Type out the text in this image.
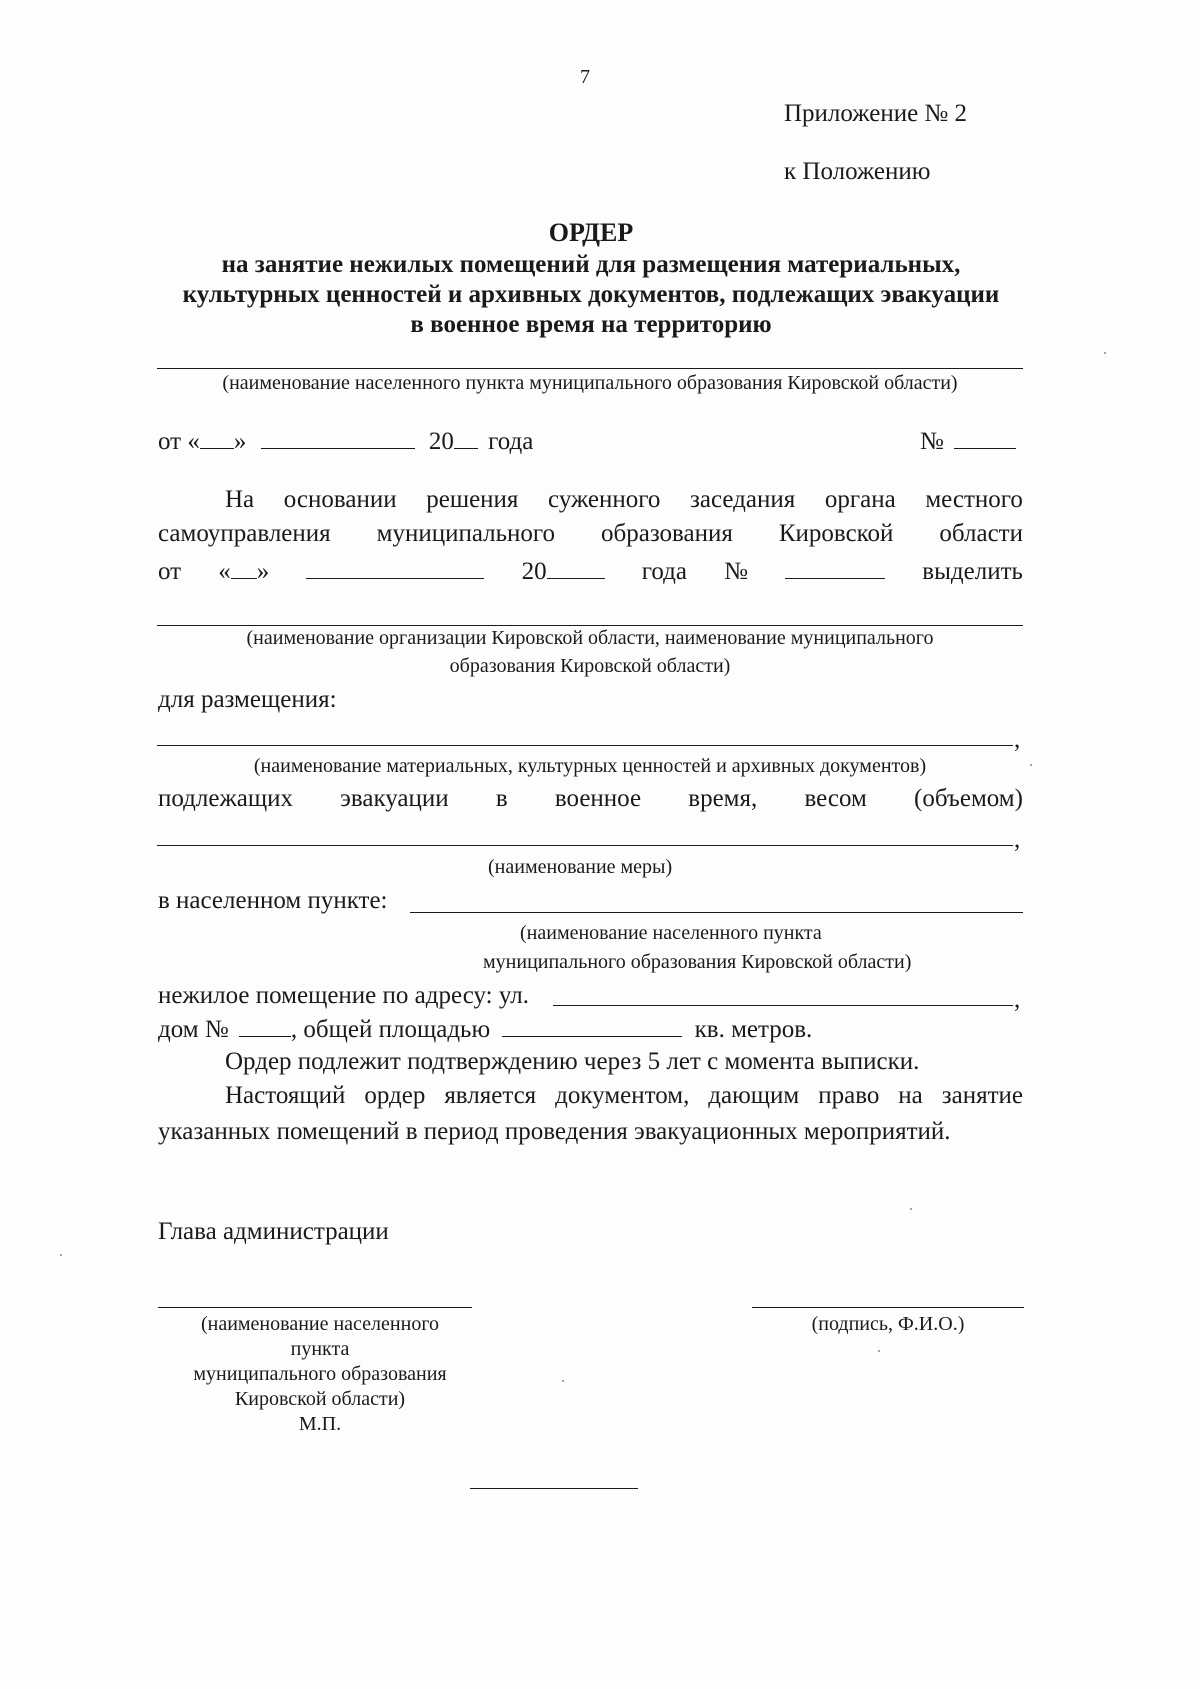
7
Приложение № 2
к Положению
ОРДЕР
на занятие нежилых помещений для размещения материальных,
культурных ценностей и архивных документов, подлежащих эвакуации
в военное время на территорию
(наименование населенного пункта муниципального образования Кировской области)
от « »	20 года	№
На основании решения суженного заседания органа местного
самоуправления муниципального образования Кировской области
от « »	20	года №	выделить
(наименование организации Кировской области, наименование муниципального
образования Кировской области)
для размещения:
,
(наименование материальных, культурных ценностей и архивных документов)
подлежащих эвакуации в военное время, весом (объемом)
,
(наименование меры)
в населенном пункте:
(наименование населенного пункта
муниципального образования Кировской области)
нежилое помещение по адресу: ул.	,
дом № , общей площадью	кв. метров.
Ордер подлежит подтверждению через 5 лет с момента выписки.
Настоящий ордер является документом, дающим право на занятие
указанных помещений в период проведения эвакуационных мероприятий.
Глава администрации
(наименование населенного
пункта
муниципального образования
Кировской области)
М.П.
(подпись, Ф.И.О.)
